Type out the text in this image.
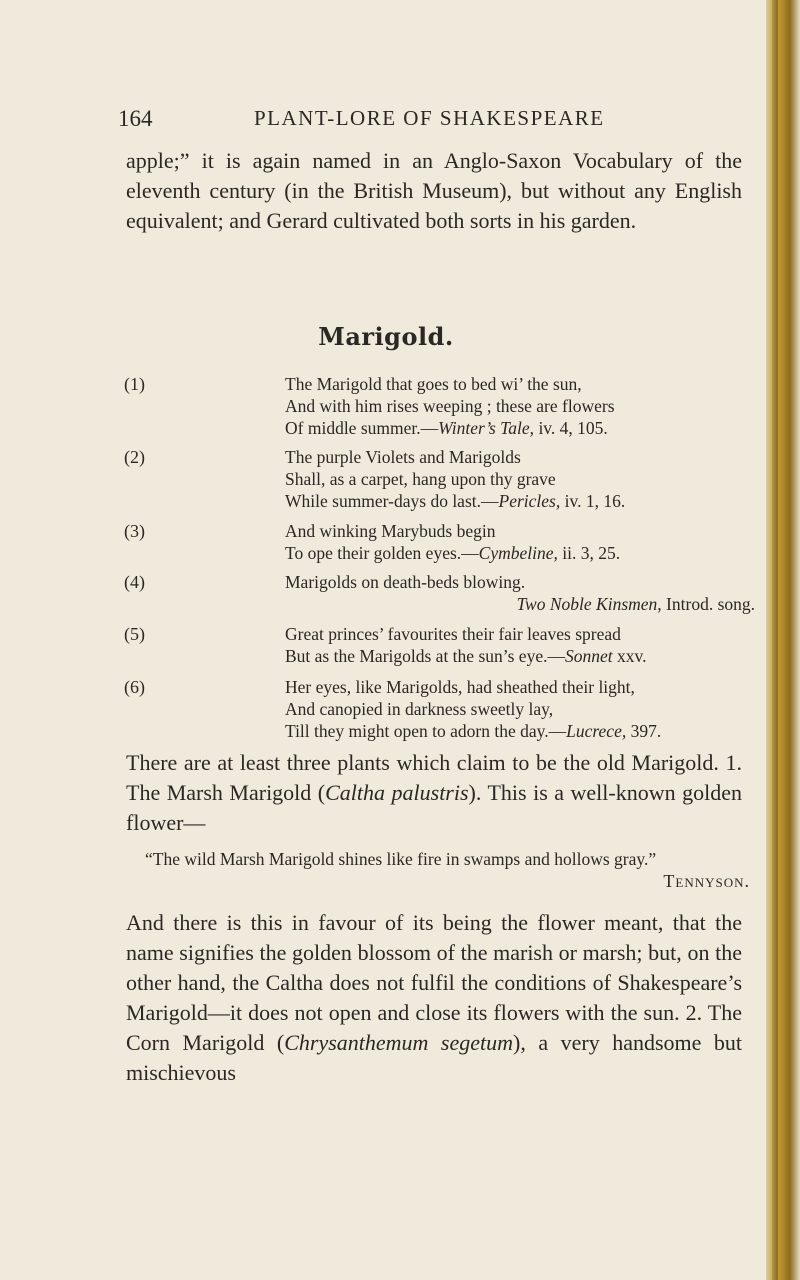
164	PLANT-LORE OF SHAKESPEARE

apple;” it is again named in an Anglo-Saxon Vocabulary of the eleventh century (in the British Museum), but without any English equivalent; and Gerard cultivated both sorts in his garden.

Marigold.
(1)	The Marigold that goes to bed wi’ the sun,
And with him rises weeping ; these are flowers
Of middle summer.—Winter’s Tale, iv. 4, 105.
(2)	The purple Violets and Marigolds
Shall, as a carpet, hang upon thy grave
While summer-days do last.—Pericles, iv. 1, 16.
(3)	And winking Marybuds begin
To ope their golden eyes.—Cymbeline, ii. 3, 25.
(4)	Marigolds on death-beds blowing.
Two Noble Kinsmen, Introd. song.
(5)	Great princes’ favourites their fair leaves spread
But as the Marigolds at the sun’s eye.—Sonnet xxv.
(6)	Her eyes, like Marigolds, had sheathed their light,
And canopied in darkness sweetly lay,
Till they might open to adorn the day.—Lucrece, 397.

There are at least three plants which claim to be the old Marigold. 1. The Marsh Marigold (Caltha palustris). This is a well-known golden flower—

“The wild Marsh Marigold shines like fire in swamps and hollows gray.”
Tennyson.

And there is this in favour of its being the flower meant, that the name signifies the golden blossom of the marish or marsh; but, on the other hand, the Caltha does not fulfil the conditions of Shakespeare’s Marigold—it does not open and close its flowers with the sun. 2. The Corn Marigold (Chrysanthemum segetum), a very handsome but mischievous
